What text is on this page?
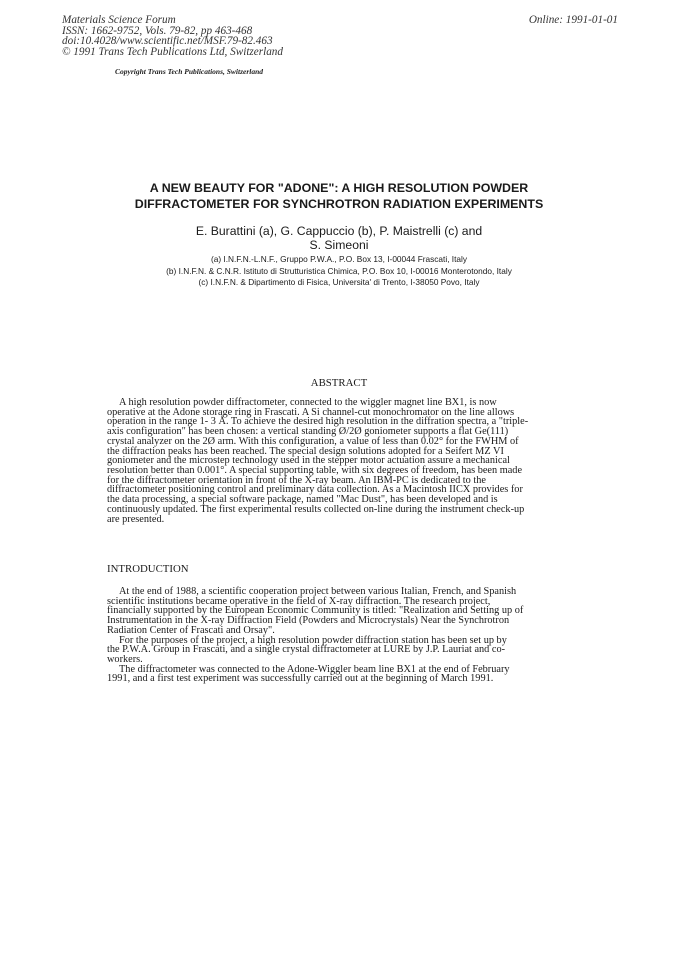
Materials Science Forum
ISSN: 1662-9752, Vols. 79-82, pp 463-468
doi:10.4028/www.scientific.net/MSF.79-82.463
© 1991 Trans Tech Publications Ltd, Switzerland
Online: 1991-01-01
Copyright Trans Tech Publications, Switzerland
A NEW BEAUTY FOR "ADONE": A HIGH RESOLUTION POWDER
DIFFRACTOMETER FOR SYNCHROTRON RADIATION EXPERIMENTS
E. Burattini (a), G. Cappuccio (b), P. Maistrelli (c) and
S. Simeoni
(a) I.N.F.N.-L.N.F., Gruppo P.W.A., P.O. Box 13, I-00044 Frascati, Italy
(b) I.N.F.N. & C.N.R. Istituto di Strutturistica Chimica, P.O. Box 10, I-00016 Monterotondo, Italy
(c) I.N.F.N. & Dipartimento di Fisica, Universita' di Trento, I-38050 Povo, Italy
ABSTRACT
A high resolution powder diffractometer, connected to the wiggler magnet line BX1, is now
operative at the Adone storage ring in Frascati. A Si channel-cut monochromator on the line allows
operation in the range 1- 3 Å. To achieve the desired high resolution in the diffration spectra, a "triple-
axis configuration" has been chosen: a vertical standing Ø/2Ø goniometer supports a flat Ge(111)
crystal analyzer on the 2Ø arm. With this configuration, a value of less than 0.02° for the FWHM of
the diffraction peaks has been reached. The special design solutions adopted for a Seifert MZ VI
goniometer and the microstep technology used in the stepper motor actuation assure a mechanical
resolution better than 0.001°. A special supporting table, with six degrees of freedom, has been made
for the diffractometer orientation in front of the X-ray beam. An IBM-PC is dedicated to the
diffractometer positioning control and preliminary data collection. As a Macintosh IICX provides for
the data processing, a special software package, named "Mac Dust", has been developed and is
continuously updated. The first experimental results collected on-line during the instrument check-up
are presented.
INTRODUCTION
At the end of 1988, a scientific cooperation project between various Italian, French, and Spanish
scientific institutions became operative in the field of X-ray diffraction. The research project,
financially supported by the European Economic Community is titled: "Realization and Setting up of
Instrumentation in the X-ray Diffraction Field (Powders and Microcrystals) Near the Synchrotron
Radiation Center of Frascati and Orsay".
For the purposes of the project, a high resolution powder diffraction station has been set up by
the P.W.A. Group in Frascati, and a single crystal diffractometer at LURE by J.P. Lauriat and co-
workers.
The diffractometer was connected to the Adone-Wiggler beam line BX1 at the end of February
1991, and a first test experiment was successfully carried out at the beginning of March 1991.
